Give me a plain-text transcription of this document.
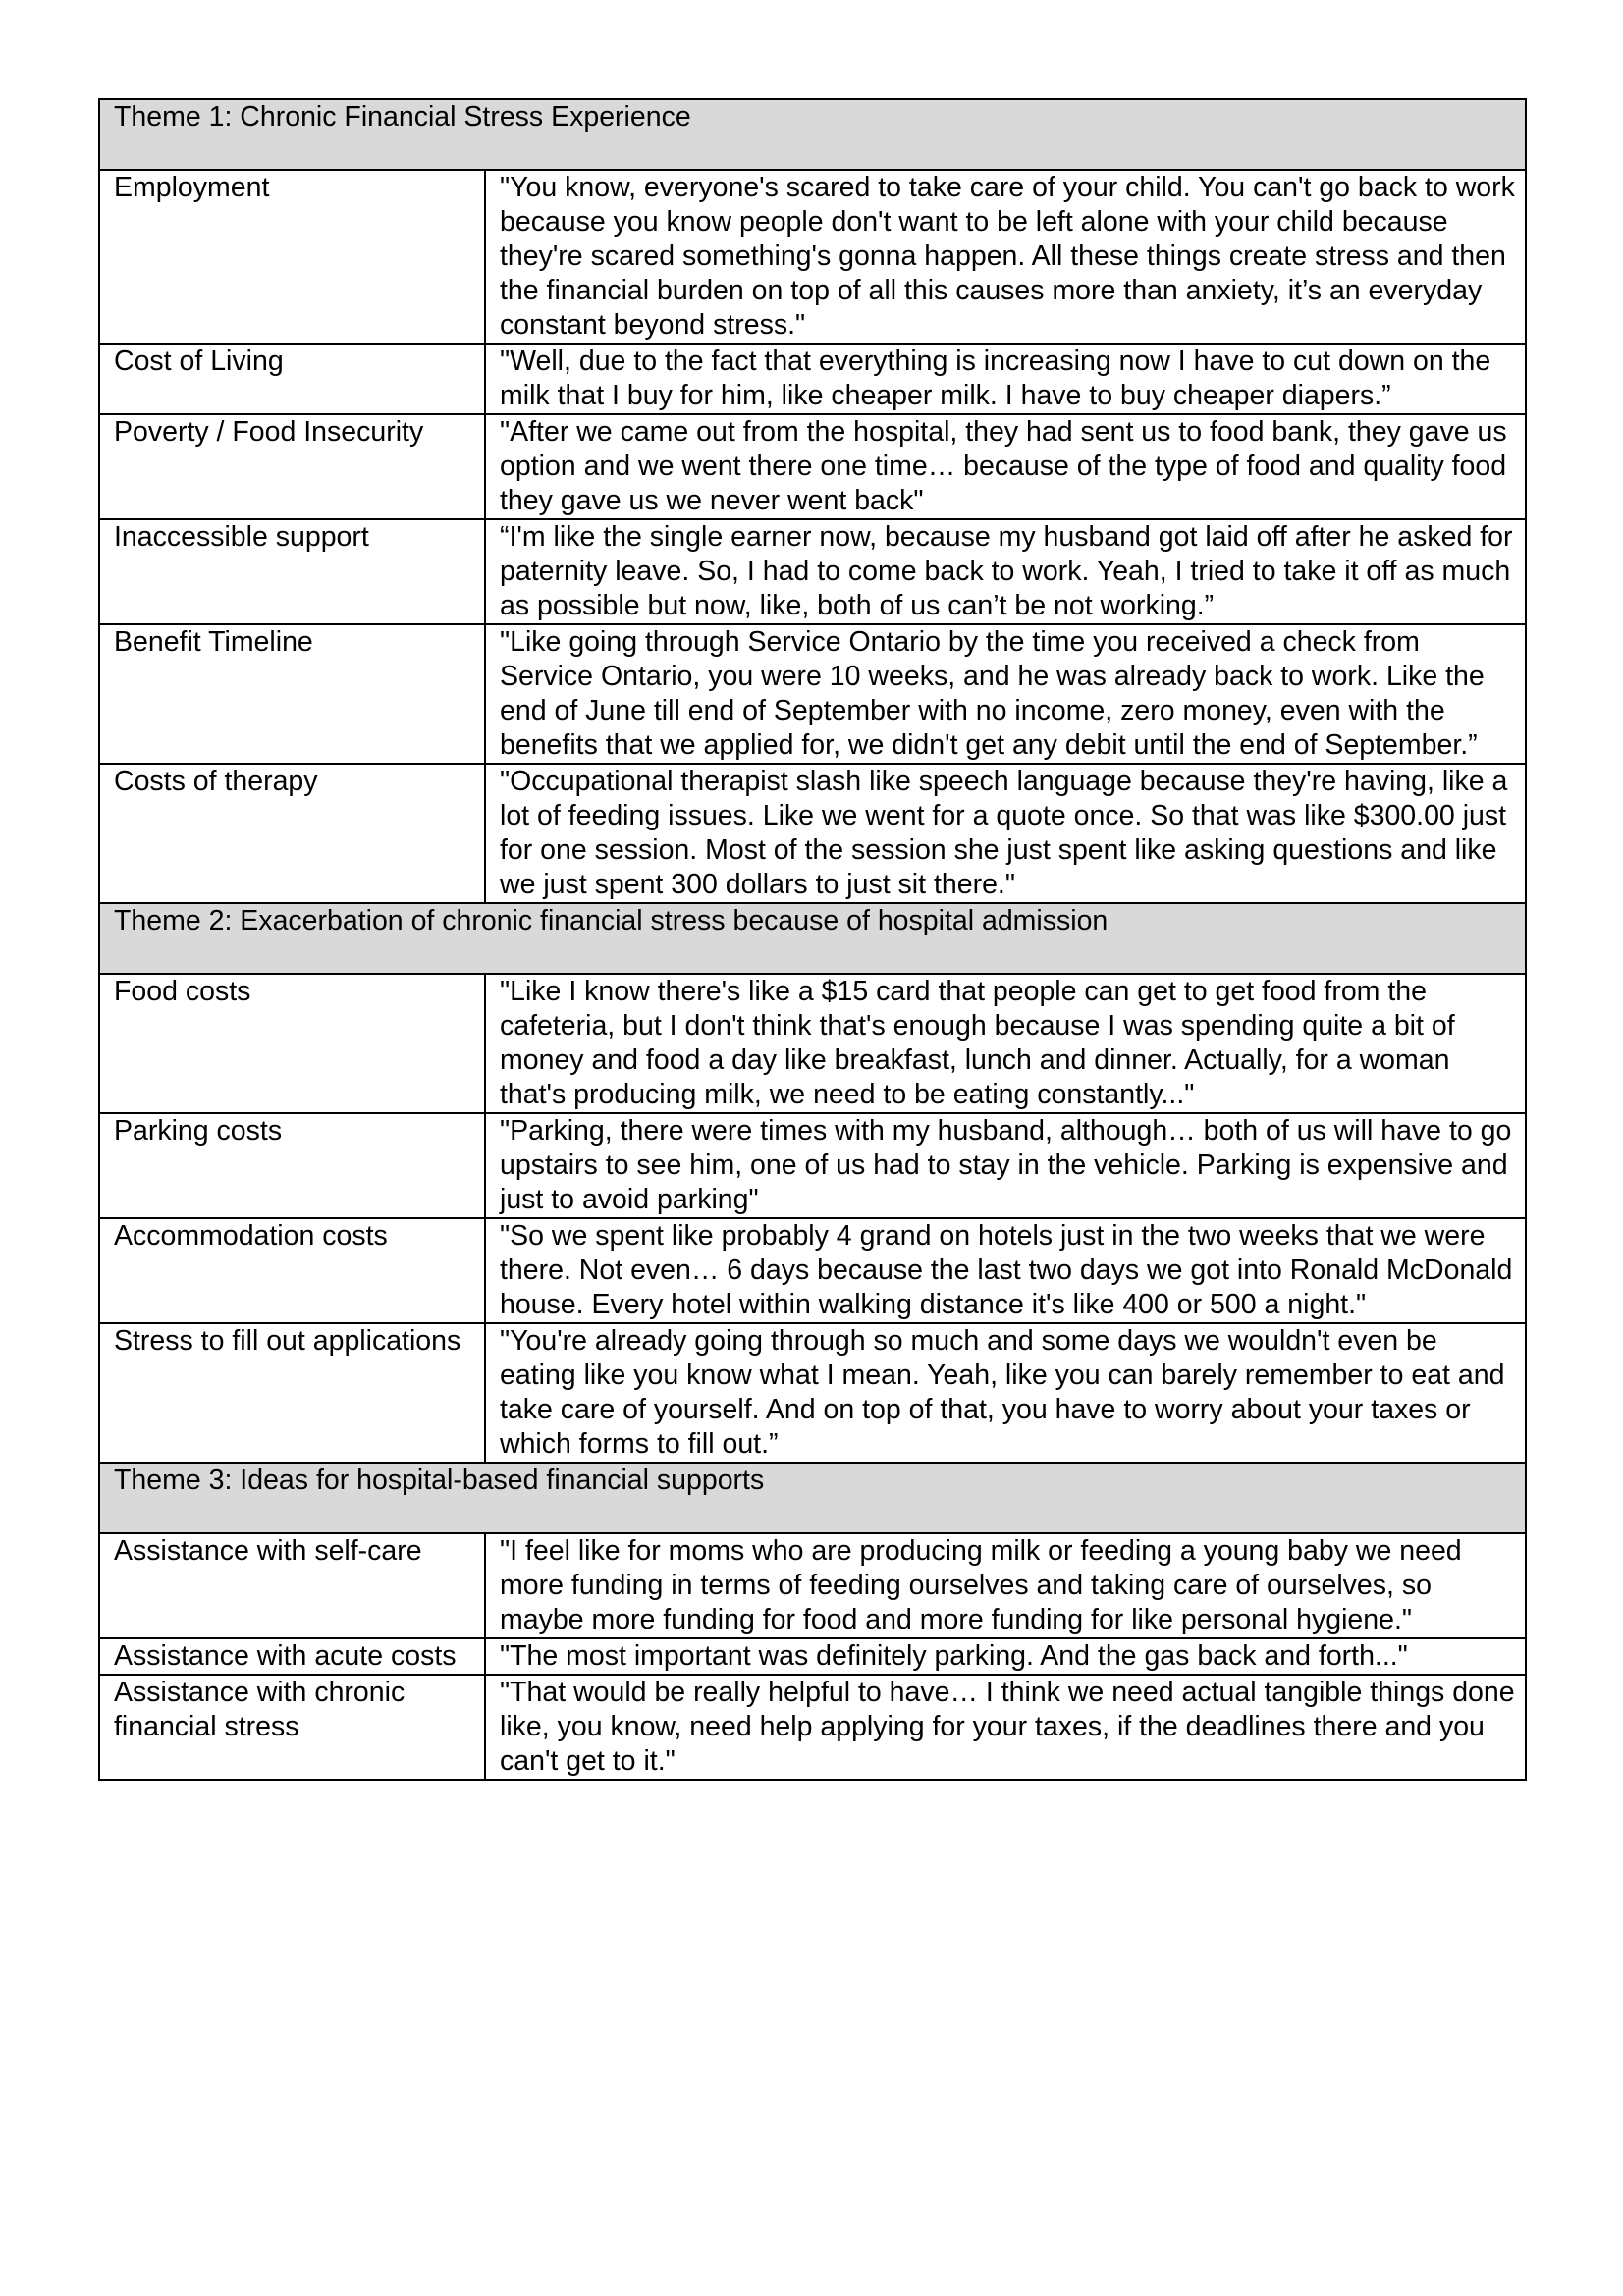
Theme 1: Chronic Financial Stress Experience	
Employment	"You know, everyone's scared to take care of your child. You can't go back to work because you know people don't want to be left alone with your child because they're scared something's gonna happen. All these things create stress and then the financial burden on top of all this causes more than anxiety, it’s an everyday constant beyond stress."
Cost of Living	"Well, due to the fact that everything is increasing now I have to cut down on the milk that I buy for him, like cheaper milk. I have to buy cheaper diapers.”
Poverty / Food Insecurity	"After we came out from the hospital, they had sent us to food bank, they gave us option and we went there one time… because of the type of food and quality food they gave us we never went back"
Inaccessible support	“I'm like the single earner now, because my husband got laid off after he asked for paternity leave. So, I had to come back to work. Yeah, I tried to take it off as much as possible but now, like, both of us can’t be not working.”
Benefit Timeline	"Like going through Service Ontario by the time you received a check from Service Ontario, you were 10 weeks, and he was already back to work. Like the end of June till end of September with no income, zero money, even with the benefits that we applied for, we didn't get any debit until the end of September.”
Costs of therapy	"Occupational therapist slash like speech language because they're having, like a lot of feeding issues. Like we went for a quote once. So that was like $300.00 just for one session. Most of the session she just spent like asking questions and like we just spent 300 dollars to just sit there."
Theme 2: Exacerbation of chronic financial stress because of hospital admission	
Food costs	"Like I know there's like a $15 card that people can get to get food from the cafeteria, but I don't think that's enough because I was spending quite a bit of money and food a day like breakfast, lunch and dinner. Actually, for a woman that's producing milk, we need to be eating constantly..."
Parking costs	"Parking, there were times with my husband, although… both of us will have to go upstairs to see him, one of us had to stay in the vehicle. Parking is expensive and just to avoid parking"
Accommodation costs	"So we spent like probably 4 grand on hotels just in the two weeks that we were there. Not even… 6 days because the last two days we got into Ronald McDonald house. Every hotel within walking distance it's like 400 or 500 a night."
Stress to fill out applications	"You're already going through so much and some days we wouldn't even be eating like you know what I mean. Yeah, like you can barely remember to eat and take care of yourself. And on top of that, you have to worry about your taxes or which forms to fill out.”
Theme 3: Ideas for hospital-based financial supports	
Assistance with self-care	"I feel like for moms who are producing milk or feeding a young baby we need more funding in terms of feeding ourselves and taking care of ourselves, so maybe more funding for food and more funding for like personal hygiene."
Assistance with acute costs	"The most important was definitely parking. And the gas back and forth..."
Assistance with chronic financial stress	"That would be really helpful to have… I think we need actual tangible things done like, you know, need help applying for your taxes, if the deadlines there and you can't get to it."
